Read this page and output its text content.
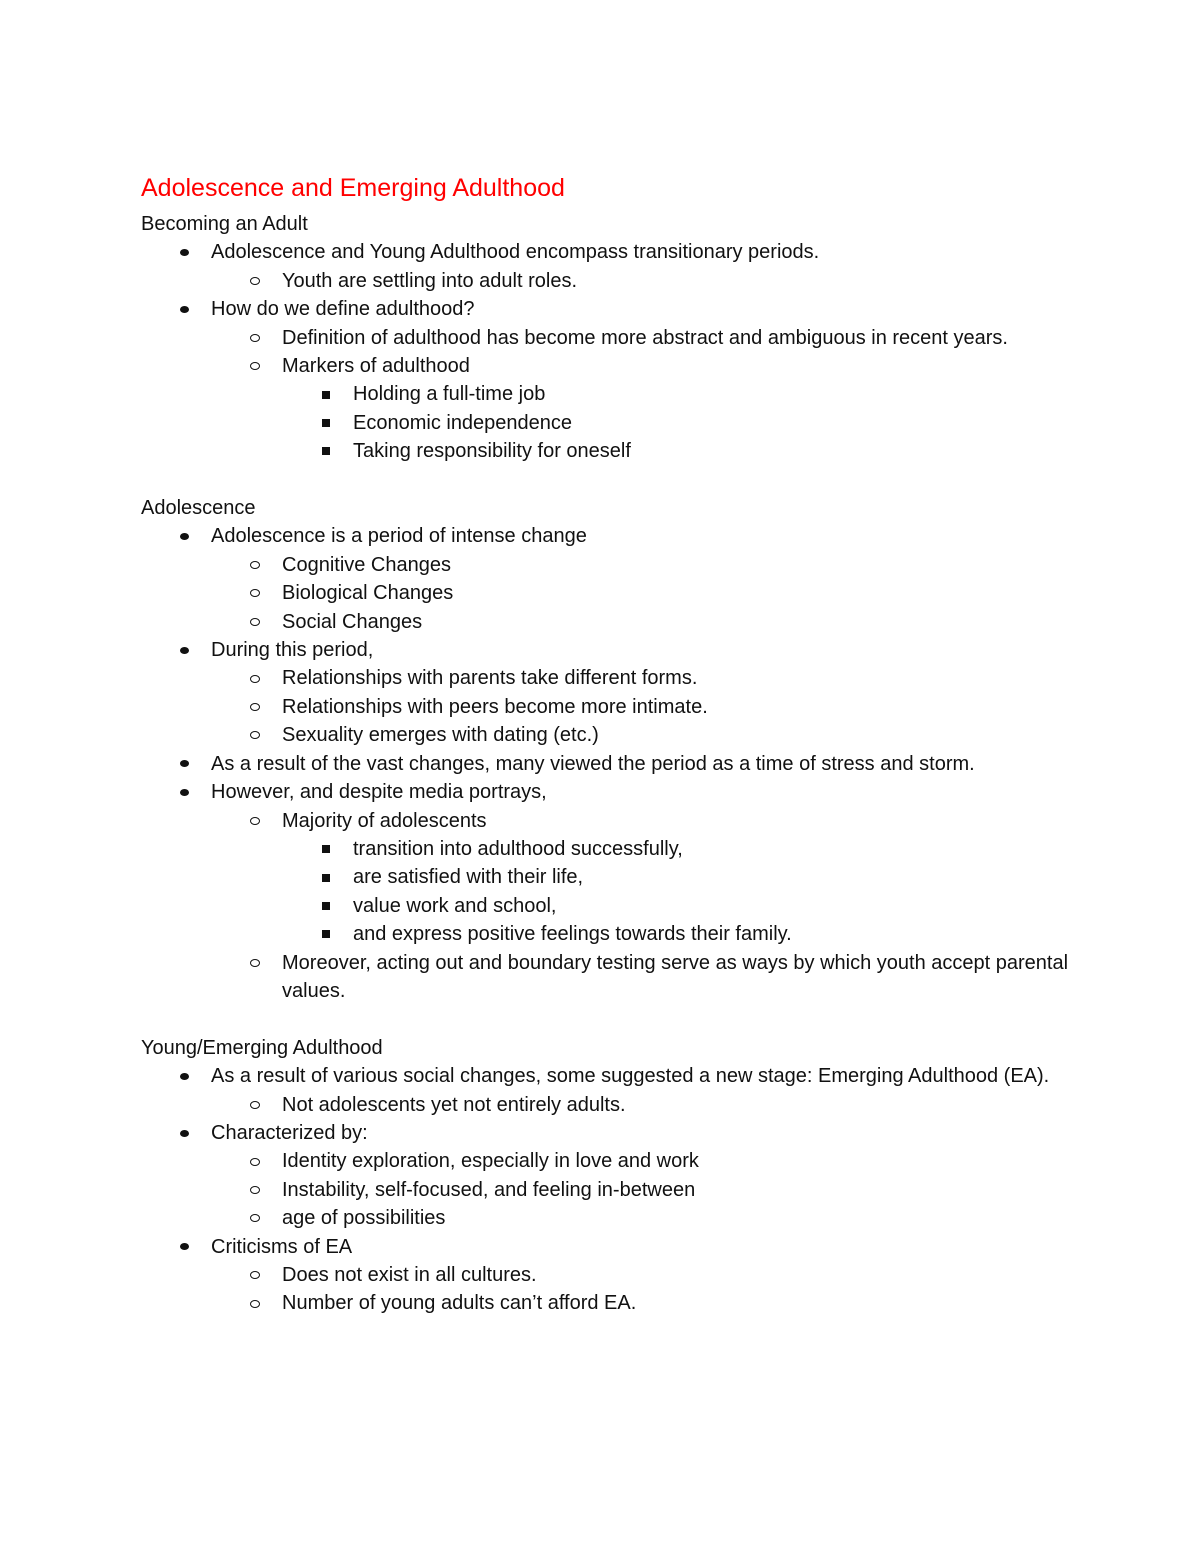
Adolescence and Emerging Adulthood
Becoming an Adult
Adolescence and Young Adulthood encompass transitionary periods.
Youth are settling into adult roles.
How do we define adulthood?
Definition of adulthood has become more abstract and ambiguous in recent years.
Markers of adulthood
Holding a full-time job
Economic independence
Taking responsibility for oneself
Adolescence
Adolescence is a period of intense change
Cognitive Changes
Biological Changes
Social Changes
During this period,
Relationships with parents take different forms.
Relationships with peers become more intimate.
Sexuality emerges with dating (etc.)
As a result of the vast changes, many viewed the period as a time of stress and storm.
However, and despite media portrays,
Majority of adolescents
transition into adulthood successfully,
are satisfied with their life,
value work and school,
and express positive feelings towards their family.
Moreover, acting out and boundary testing serve as ways by which youth accept parental values.
Young/Emerging Adulthood
As a result of various social changes, some suggested a new stage: Emerging Adulthood (EA).
Not adolescents yet not entirely adults.
Characterized by:
Identity exploration, especially in love and work
Instability, self-focused, and feeling in-between
age of possibilities
Criticisms of EA
Does not exist in all cultures.
Number of young adults can’t afford EA.
